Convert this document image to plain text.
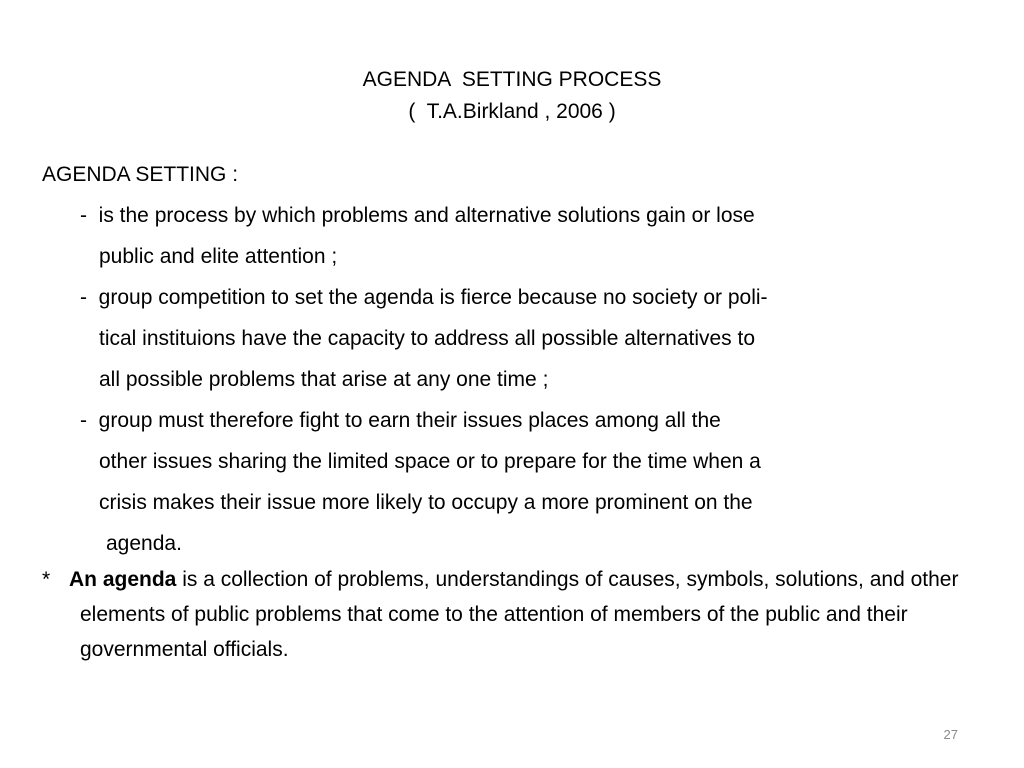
AGENDA  SETTING PROCESS
(  T.A.Birkland , 2006 )
AGENDA SETTING :
-  is the process by which problems and alternative solutions gain or lose
public and elite attention ;
-  group competition to set the agenda is fierce because no society or poli-
tical instituions have the capacity to address all possible alternatives to
all possible problems that arise at any one time ;
-  group must therefore fight to earn their issues places among all the
other issues sharing the limited space or to prepare for the time when a
crisis makes their issue more likely to occupy a more prominent on the
agenda.
* An agenda is a collection of problems, understandings of causes, symbols, solutions, and other elements of public problems that come to the attention of members of the public and their governmental officials.
27
